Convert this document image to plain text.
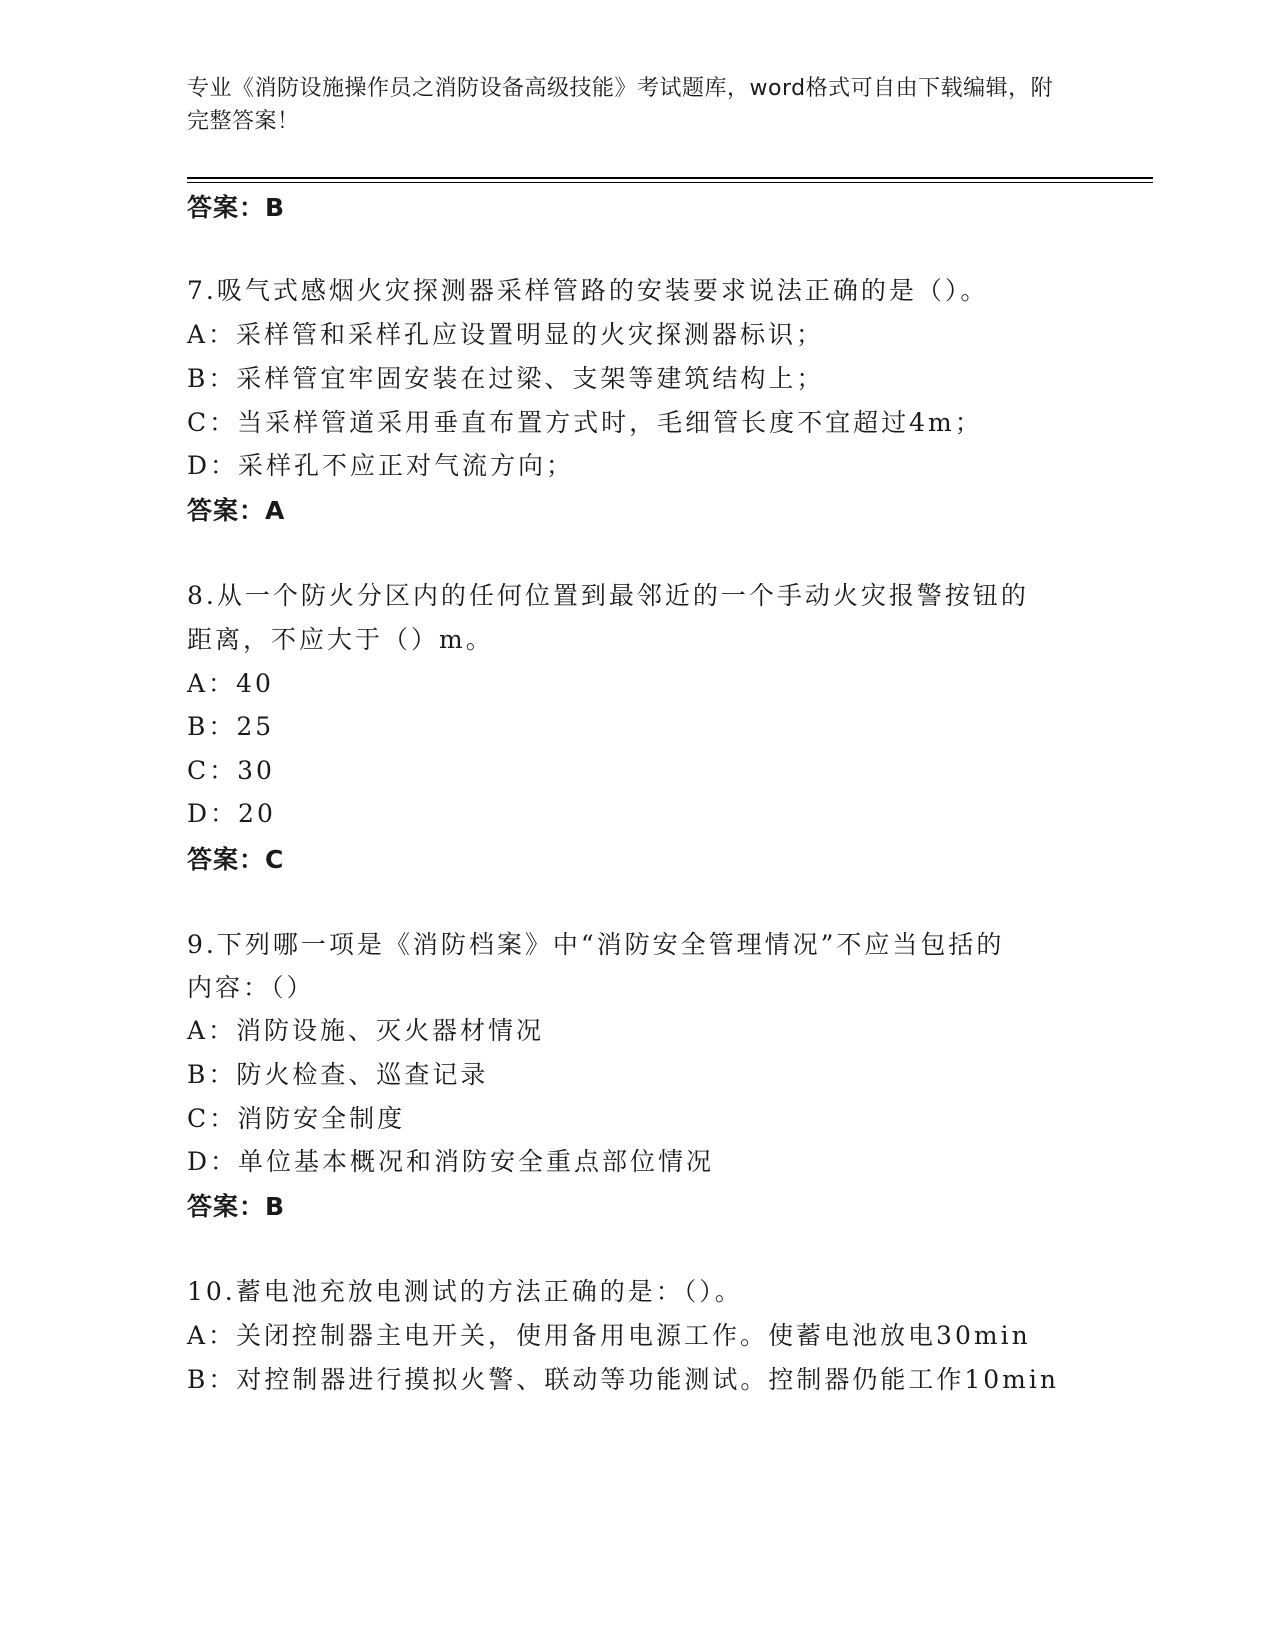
专业《消防设施操作员之消防设备高级技能》考试题库，word格式可自由下载编辑，附完整答案！
答案：B
7.吸气式感烟火灾探测器采样管路的安装要求说法正确的是（）。
A：采样管和采样孔应设置明显的火灾探测器标识；
B：采样管宜牢固安装在过梁、支架等建筑结构上；
C：当采样管道采用垂直布置方式时，毛细管长度不宜超过4m；
D：采样孔不应正对气流方向；
答案：A
8.从一个防火分区内的任何位置到最邻近的一个手动火灾报警按钮的
距离，不应大于（）m。
A：40
B：25
C：30
D：20
答案：C
9.下列哪一项是《消防档案》中“消防安全管理情况”不应当包括的
内容：（）
A：消防设施、灭火器材情况
B：防火检查、巡查记录
C：消防安全制度
D：单位基本概况和消防安全重点部位情况
答案：B
10.蓄电池充放电测试的方法正确的是：（）。
A：关闭控制器主电开关，使用备用电源工作。使蓄电池放电30min
B：对控制器进行摸拟火警、联动等功能测试。控制器仍能工作10min
